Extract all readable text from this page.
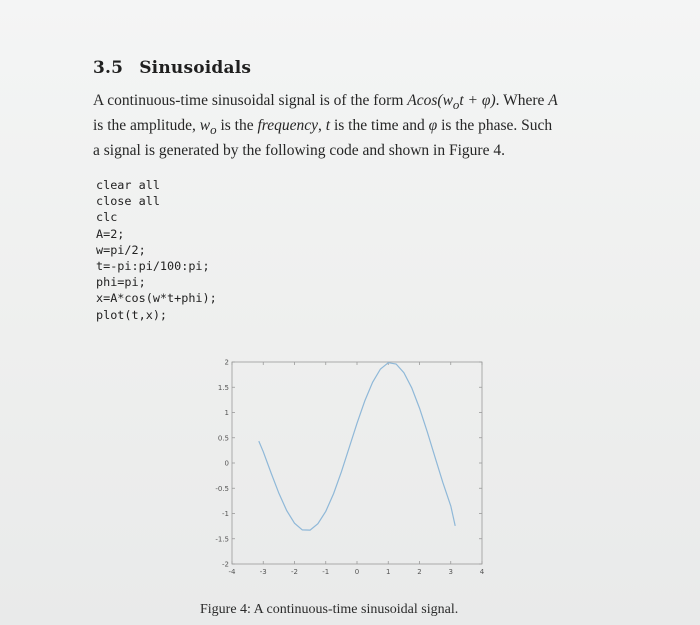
3.5 Sinusoidals
A continuous-time sinusoidal signal is of the form $Acos(w_ot + \varphi)$. Where A
is the amplitude, $w_o$ is the frequency, t is the time and φ is the phase. Such
a signal is generated by the following code and shown in Figure 4.
clear all
close all
clc
A=2;
w=pi/2;
t=-pi:pi/100:pi;
phi=pi;
x=A*cos(w*t+phi);
plot(t,x);
-2
-1.5
-1
-0.5
0
0.5
1
1.5
2
-4	-3	-2	-1	0	1	2	3	4
Figure 4: A continuous-time sinusoidal signal.
